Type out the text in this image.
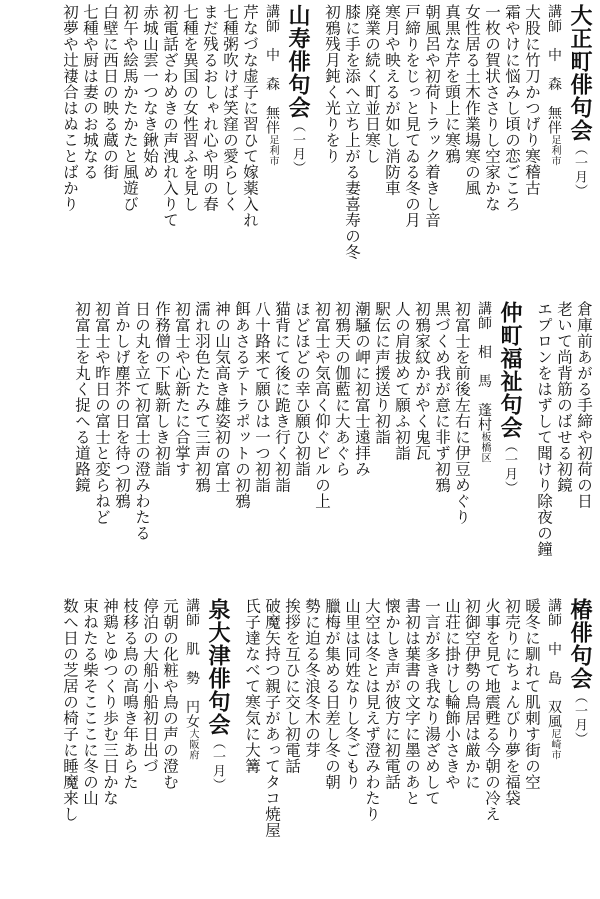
大正町俳句会（一月）
講師　中　森　無伴足利市
大股に竹刀かつげり寒稽古
霜やけに悩みし頃の恋ごころ
一枚の賀状ささりし空家かな
女性居る土木作業場寒の風
真黒な芹を頭上に寒鴉
朝風呂や初荷トラック着きし音
戸締りをじっと見てゐる冬の月
寒月や映えるが如し消防車
廃業の続く町並日寒し
膝に手を添へ立ち上がる妻喜寿の冬
初鴉残月鈍く光りをり
山寿俳句会（一月）
講師　中　森　無伴足利市
芹なづな虚子に習ひて嫁薬入れ
七種粥吹けば笑窪の愛らしく
まだ残るおしゃれ心や明の春
七種を異国の女性習ふを見し
初電話ざわめきの声洩れ入りて
赤城山雲一つなき鍬始め
初午や絵馬かたかたと風遊び
白壁に西日の映る蔵の街
七種や厨は妻のお城なる
初夢や辻褄合はぬことばかり
倉庫前あがる手締や初荷の日
老いて尚背筋のばせる初鏡
エプロンをはずして聞けり除夜の鐘
仲町福祉句会（一月）
講師　相　馬　蓬村板橋区
初富士を前後左右に伊豆めぐり
黒づくめ我が意に非ず初鴉
初鴉家紋かがやく鬼瓦
人の肩拔めて願ふ初詣
駅伝に声援送り初詣
潮騒の岬に初富士遠拝み
初鴉天の伽藍に大あぐら
初富士や気高く仰ぐビルの上
ほどほどの幸ひ願ひ初詣
猫背にて後に跪き行く初詣
八十路来て願ひは一つ初詣
餌あさるテトラポットの初鴉
神の山気高き雄姿初の富士
濡れ羽色たたみて三声初鴉
初富士や心新たに合掌す
作務僧の下駄新しき初詣
日の丸を立て初富士の澄みわたる
首かしげ塵芥の日を待つ初鴉
初富士や昨日の富士と変らねど
初富士を丸く捉へる道路鏡
椿俳句会（一月）
講師　中　島　双風尼崎市
暖冬に馴れて肌刺す街の空
初売りにちょんびり夢を福袋
火事を見て地震甦る今朝の冷え
初御空伊勢の鳥居は厳かに
山荘に掛けし輪飾小さきや
一言が多き我なり湯ざめして
書初は葉書の文字に墨のあと
懐かしき声が彼方に初電話
大空は冬とは見えず澄みわたり
山里は同姓なりし冬ごもり
臘梅が集める日差し冬の朝
勢に迫る冬浪冬木の芽
挨拶を互ひに交し初電話
破魔矢持つ親子があってタコ焼屋
氏子達なべて寒気に大篝
泉大津俳句会（一月）
講師　肌　勢　円女大阪府
元朝の化粧や鳥の声の澄む
停泊の大船小船初日出づ
枝移る鳥の高鳴き年あらた
神鶏とゆつくり歩む三日かな
束ねたる柴そこここに冬の山
数へ日の芝居の椅子に睡魔来し
